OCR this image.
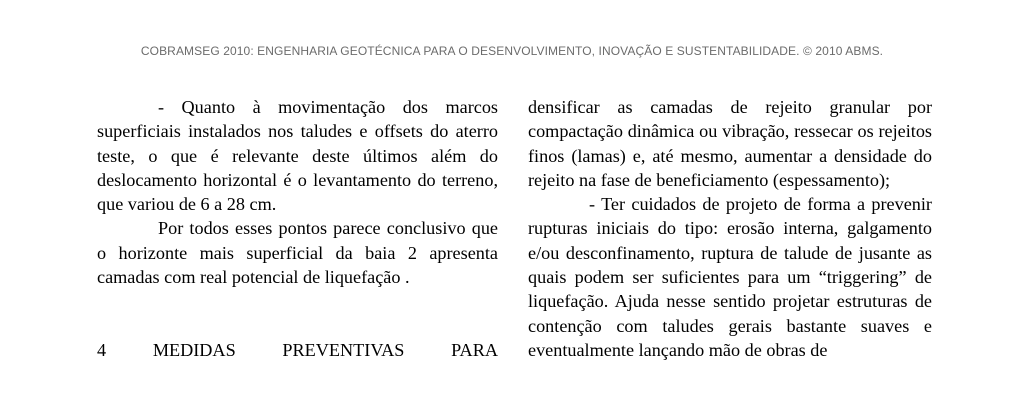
COBRAMSEG 2010: ENGENHARIA GEOTÉCNICA PARA O DESENVOLVIMENTO, INOVAÇÃO E SUSTENTABILIDADE. © 2010 ABMS.

- Quanto à movimentação dos marcos superficiais instalados nos taludes e offsets do aterro teste, o que é relevante deste últimos além do deslocamento horizontal é o levantamento do terreno, que variou de 6 a 28 cm.

Por todos esses pontos parece conclusivo que o horizonte mais superficial da baia 2 apresenta camadas com real potencial de liquefação .

4	MEDIDAS	PREVENTIVAS	PARA

densificar as camadas de rejeito granular por compactação dinâmica ou vibração, ressecar os rejeitos finos (lamas) e, até mesmo, aumentar a densidade do rejeito na fase de beneficiamento (espessamento);

- Ter cuidados de projeto de forma a prevenir rupturas iniciais do tipo: erosão interna, galgamento e/ou desconfinamento, ruptura de talude de jusante as quais podem ser suficientes para um “triggering” de liquefação. Ajuda nesse sentido projetar estruturas de contenção com taludes gerais bastante suaves e eventualmente lançando mão de obras de
